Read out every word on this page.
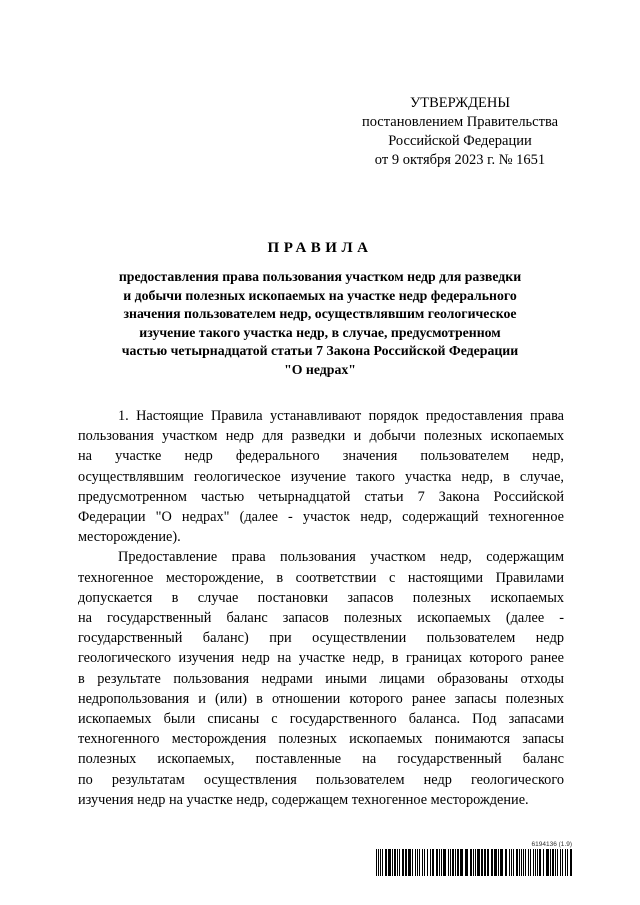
УТВЕРЖДЕНЫ
постановлением Правительства
Российской Федерации
от 9 октября 2023 г. № 1651
ПРАВИЛА
предоставления права пользования участком недр для разведки
и добычи полезных ископаемых на участке недр федерального
значения пользователем недр, осуществлявшим геологическое
изучение такого участка недр, в случае, предусмотренном
частью четырнадцатой статьи 7 Закона Российской Федерации
"О недрах"
1. Настоящие Правила устанавливают порядок предоставления права
пользования участком недр для разведки и добычи полезных ископаемых
на участке недр федерального значения пользователем недр,
осуществлявшим геологическое изучение такого участка недр, в случае,
предусмотренном частью четырнадцатой статьи 7 Закона Российской
Федерации "О недрах" (далее - участок недр, содержащий техногенное
месторождение).
Предоставление права пользования участком недр, содержащим
техногенное месторождение, в соответствии с настоящими Правилами
допускается в случае постановки запасов полезных ископаемых
на государственный баланс запасов полезных ископаемых (далее -
государственный баланс) при осуществлении пользователем недр
геологического изучения недр на участке недр, в границах которого ранее
в результате пользования недрами иными лицами образованы отходы
недропользования и (или) в отношении которого ранее запасы полезных
ископаемых были списаны с государственного баланса. Под запасами
техногенного месторождения полезных ископаемых понимаются запасы
полезных ископаемых, поставленные на государственный баланс
по результатам осуществления пользователем недр геологического
изучения недр на участке недр, содержащем техногенное месторождение.
6194136 (1.9)
